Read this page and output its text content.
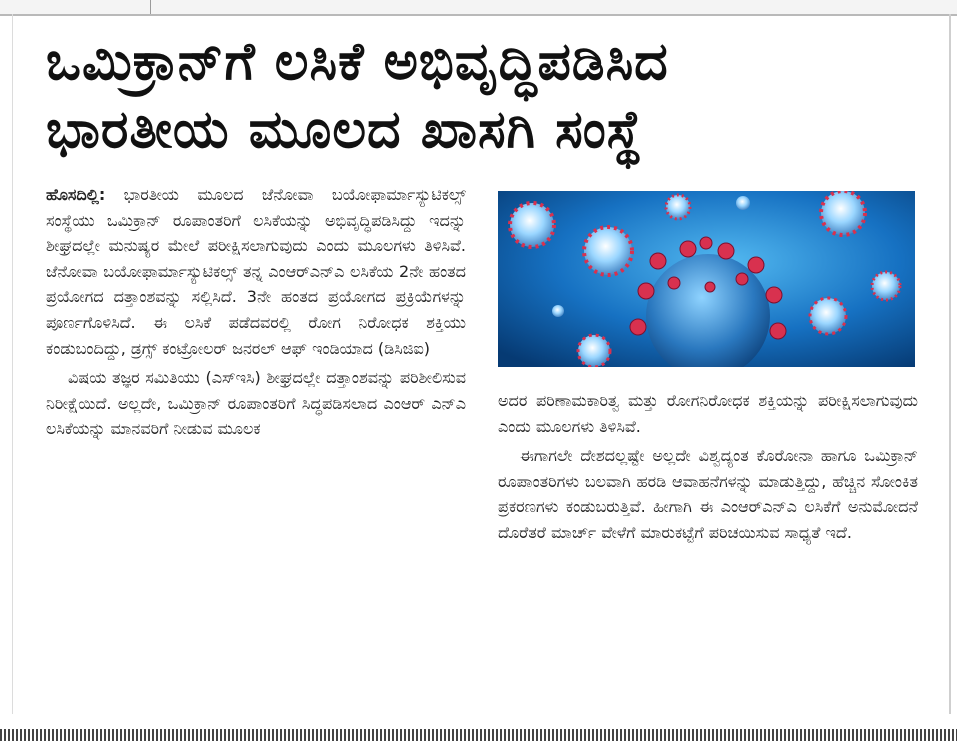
ಒಮಿಕ್ರಾನ್‌ಗೆ ಲಸಿಕೆ ಅಭಿವೃದ್ಧಿಪಡಿಸಿದ
ಭಾರತೀಯ ಮೂಲದ ಖಾಸಗಿ ಸಂಸ್ಥೆ

ಹೊಸದಿಲ್ಲಿ: ಭಾರತೀಯ ಮೂಲದ ಜೆನೋವಾ ಬಯೋಫಾರ್ಮಾಸ್ಯುಟಿಕಲ್ಸ್ ಸಂಸ್ಥೆಯು ಒಮಿಕ್ರಾನ್ ರೂಪಾಂತರಿಗೆ ಲಸಿಕೆಯನ್ನು ಅಭಿವೃದ್ಧಿಪಡಿಸಿದ್ದು ಇದನ್ನು ಶೀಘ್ರದಲ್ಲೇ ಮನುಷ್ಯರ ಮೇಲೆ ಪರೀಕ್ಷಿಸಲಾಗುವುದು ಎಂದು ಮೂಲಗಳು ತಿಳಿಸಿವೆ. ಜೆನೋವಾ ಬಯೋಫಾರ್ಮಾಸ್ಯುಟಿಕಲ್ಸ್ ತನ್ನ ಎಂಆರ್‌ಎನ್‌ಎ ಲಸಿಕೆಯ 2ನೇ ಹಂತದ ಪ್ರಯೋಗದ ದತ್ತಾಂಶವನ್ನು ಸಲ್ಲಿಸಿದೆ. 3ನೇ ಹಂತದ ಪ್ರಯೋಗದ ಪ್ರಕ್ರಿಯೆಗಳನ್ನು ಪೂರ್ಣಗೊಳಿಸಿದೆ. ಈ ಲಸಿಕೆ ಪಡೆದವರಲ್ಲಿ ರೋಗ ನಿರೋಧಕ ಶಕ್ತಿಯು ಕಂಡುಬಂದಿದ್ದು, ಡ್ರಗ್ಸ್ ಕಂಟ್ರೋಲರ್ ಜನರಲ್ ಆಫ್ ಇಂಡಿಯಾದ (ಡಿಸಿಜಿಐ)

ವಿಷಯ ತಜ್ಞರ ಸಮಿತಿಯು (ಎಸ್‌ಇಸಿ) ಶೀಘ್ರದಲ್ಲೇ ದತ್ತಾಂಶವನ್ನು ಪರಿಶೀಲಿಸುವ ನಿರೀಕ್ಷೆಯಿದೆ. ಅಲ್ಲದೇ, ಒಮಿಕ್ರಾನ್ ರೂಪಾಂತರಿಗೆ ಸಿದ್ಧಪಡಿಸಲಾದ ಎಂಆರ್ ಎನ್‌ಎ ಲಸಿಕೆಯನ್ನು ಮಾನವರಿಗೆ ನೀಡುವ ಮೂಲಕ

ಅದರ ಪರಿಣಾಮಕಾರಿತ್ವ ಮತ್ತು ರೋಗನಿರೋಧಕ ಶಕ್ತಿಯನ್ನು ಪರೀಕ್ಷಿಸಲಾಗುವುದು ಎಂದು ಮೂಲಗಳು ತಿಳಿಸಿವೆ.

ಈಗಾಗಲೇ ದೇಶದಲ್ಲಷ್ಟೇ ಅಲ್ಲದೇ ವಿಶ್ವದ್ಯಂತ ಕೊರೋನಾ ಹಾಗೂ ಒಮಿಕ್ರಾನ್ ರೂಪಾಂತರಿಗಳು ಬಲವಾಗಿ ಹರಡಿ ಆವಾಹನೆಗಳನ್ನು ಮಾಡುತ್ತಿದ್ದು, ಹೆಚ್ಚಿನ ಸೋಂಕಿತ ಪ್ರಕರಣಗಳು ಕಂಡುಬರುತ್ತಿವೆ. ಹೀಗಾಗಿ ಈ ಎಂಆರ್‌ಎನ್‌ಎ ಲಸಿಕೆಗೆ ಅನುಮೋದನೆ ದೊರೆತರೆ ಮಾರ್ಚ್ ವೇಳೆಗೆ ಮಾರುಕಟ್ಟೆಗೆ ಪರಿಚಯಿಸುವ ಸಾಧ್ಯತೆ ಇದೆ.
